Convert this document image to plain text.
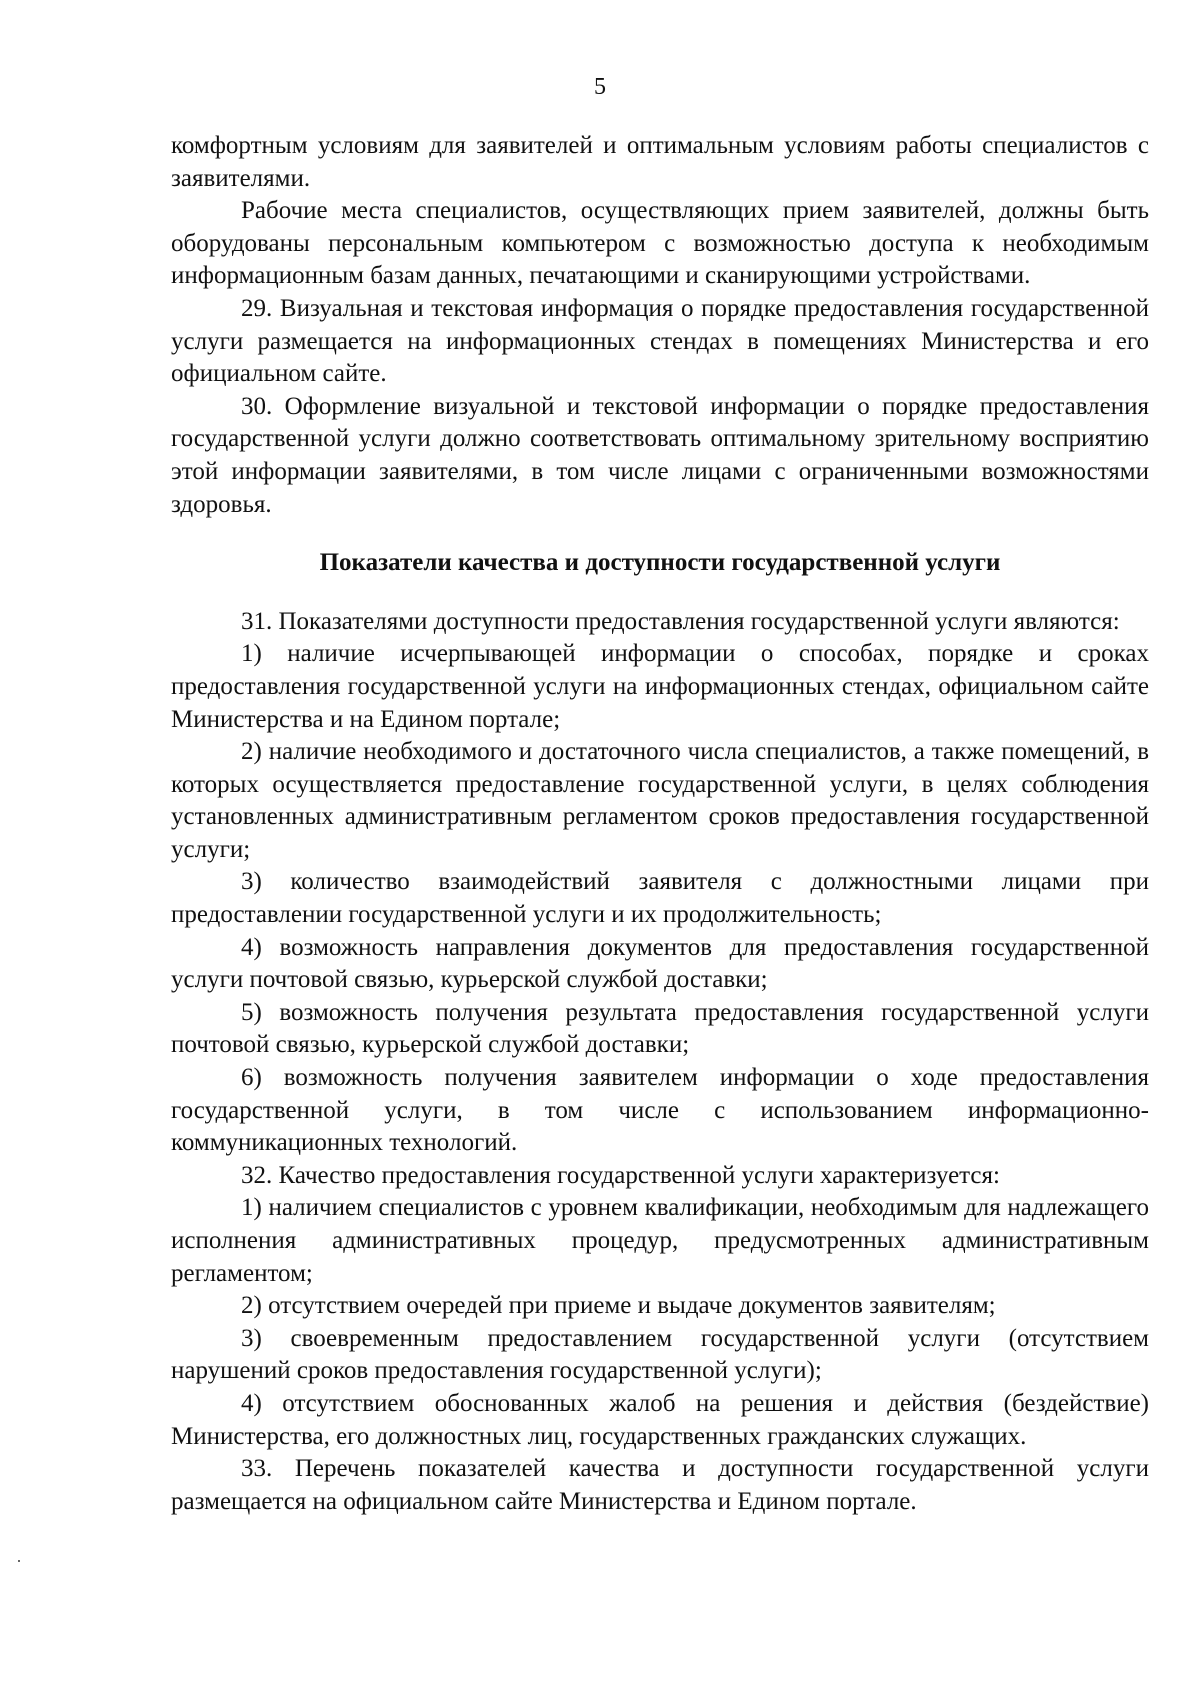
5

комфортным условиям для заявителей и оптимальным условиям работы специалистов с заявителями.

Рабочие места специалистов, осуществляющих прием заявителей, должны быть оборудованы персональным компьютером с возможностью доступа к необходимым информационным базам данных, печатающими и сканирующими устройствами.

29. Визуальная и текстовая информация о порядке предоставления государственной услуги размещается на информационных стендах в помещениях Министерства и его официальном сайте.

30. Оформление визуальной и текстовой информации о порядке предоставления государственной услуги должно соответствовать оптимальному зрительному восприятию этой информации заявителями, в том числе лицами с ограниченными возможностями здоровья.

Показатели качества и доступности государственной услуги

31. Показателями доступности предоставления государственной услуги являются:

1) наличие исчерпывающей информации о способах, порядке и сроках предоставления государственной услуги на информационных стендах, официальном сайте Министерства и на Едином портале;

2) наличие необходимого и достаточного числа специалистов, а также помещений, в которых осуществляется предоставление государственной услуги, в целях соблюдения установленных административным регламентом сроков предоставления государственной услуги;

3) количество взаимодействий заявителя с должностными лицами при предоставлении государственной услуги и их продолжительность;

4) возможность направления документов для предоставления государственной услуги почтовой связью, курьерской службой доставки;

5) возможность получения результата предоставления государственной услуги почтовой связью, курьерской службой доставки;

6) возможность получения заявителем информации о ходе предоставления государственной услуги, в том числе с использованием информационно-коммуникационных технологий.

32. Качество предоставления государственной услуги характеризуется:

1) наличием специалистов с уровнем квалификации, необходимым для надлежащего исполнения административных процедур, предусмотренных административным регламентом;

2) отсутствием очередей при приеме и выдаче документов заявителям;

3) своевременным предоставлением государственной услуги (отсутствием нарушений сроков предоставления государственной услуги);

4) отсутствием обоснованных жалоб на решения и действия (бездействие) Министерства, его должностных лиц, государственных гражданских служащих.

33. Перечень показателей качества и доступности государственной услуги размещается на официальном сайте Министерства и Едином портале.
